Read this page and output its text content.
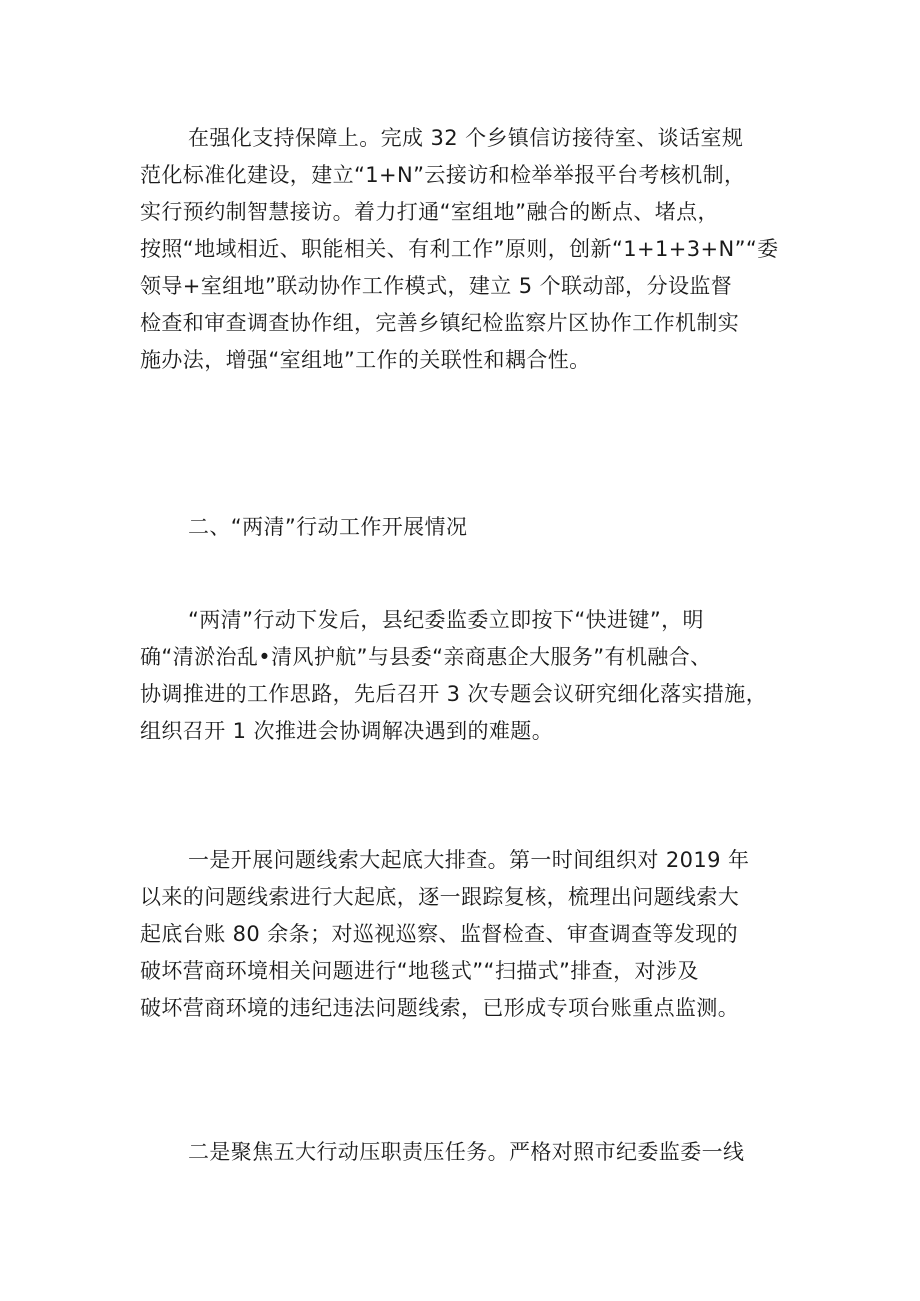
在强化支持保障上。完成 32 个乡镇信访接待室、谈话室规
范化标准化建设，建立“1+N”云接访和检举举报平台考核机制，
实行预约制智慧接访。着力打通“室组地”融合的断点、堵点，
按照“地域相近、职能相关、有利工作”原则，创新“1+1+3+N”“委
领导+室组地”联动协作工作模式，建立 5 个联动部，分设监督
检查和审查调查协作组，完善乡镇纪检监察片区协作工作机制实
施办法，增强“室组地”工作的关联性和耦合性。
二、“两清”行动工作开展情况
“两清”行动下发后，县纪委监委立即按下“快进键”，明
确“清淤治乱•清风护航”与县委“亲商惠企大服务”有机融合、
协调推进的工作思路，先后召开 3 次专题会议研究细化落实措施，
组织召开 1 次推进会协调解决遇到的难题。
一是开展问题线索大起底大排查。第一时间组织对 2019 年
以来的问题线索进行大起底，逐一跟踪复核，梳理出问题线索大
起底台账 80 余条；对巡视巡察、监督检查、审查调查等发现的
破坏营商环境相关问题进行“地毯式”“扫描式”排查，对涉及
破坏营商环境的违纪违法问题线索，已形成专项台账重点监测。
二是聚焦五大行动压职责压任务。严格对照市纪委监委一线
